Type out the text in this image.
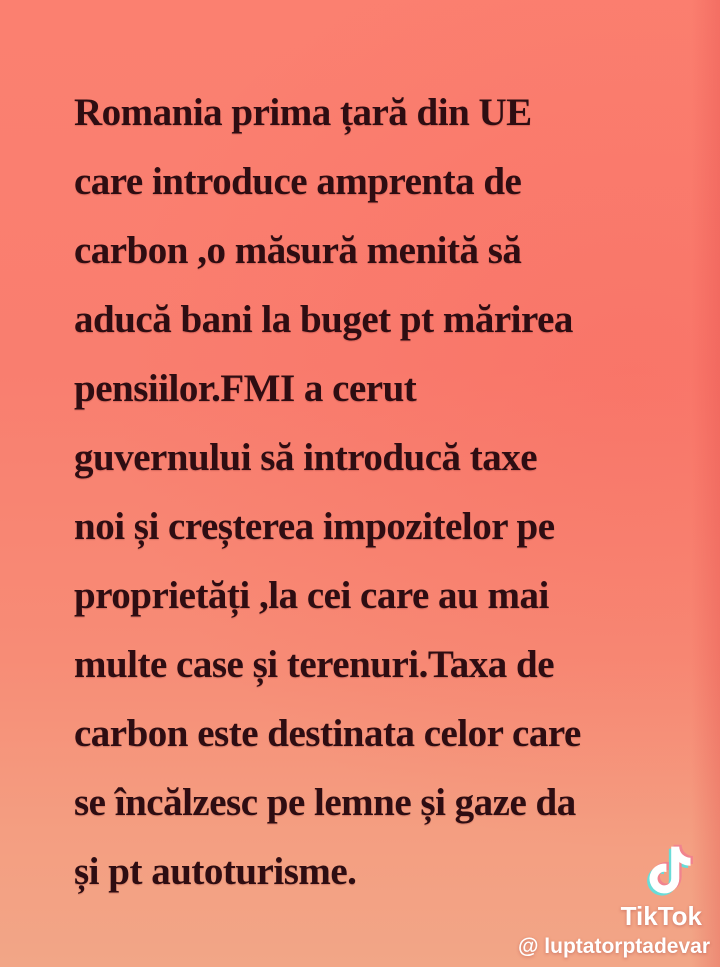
Romania prima țară din UE
care introduce amprenta de
carbon ,o măsură menită să
aducă bani la buget pt mărirea
pensiilor.FMI a cerut
guvernului să introducă taxe
noi și creșterea impozitelor pe
proprietăți ,la cei care au mai
multe case și terenuri.Taxa de
carbon este destinata celor care
se încălzesc pe lemne și gaze da
și pt autoturisme.
TikTok
@ luptatorptadevar
